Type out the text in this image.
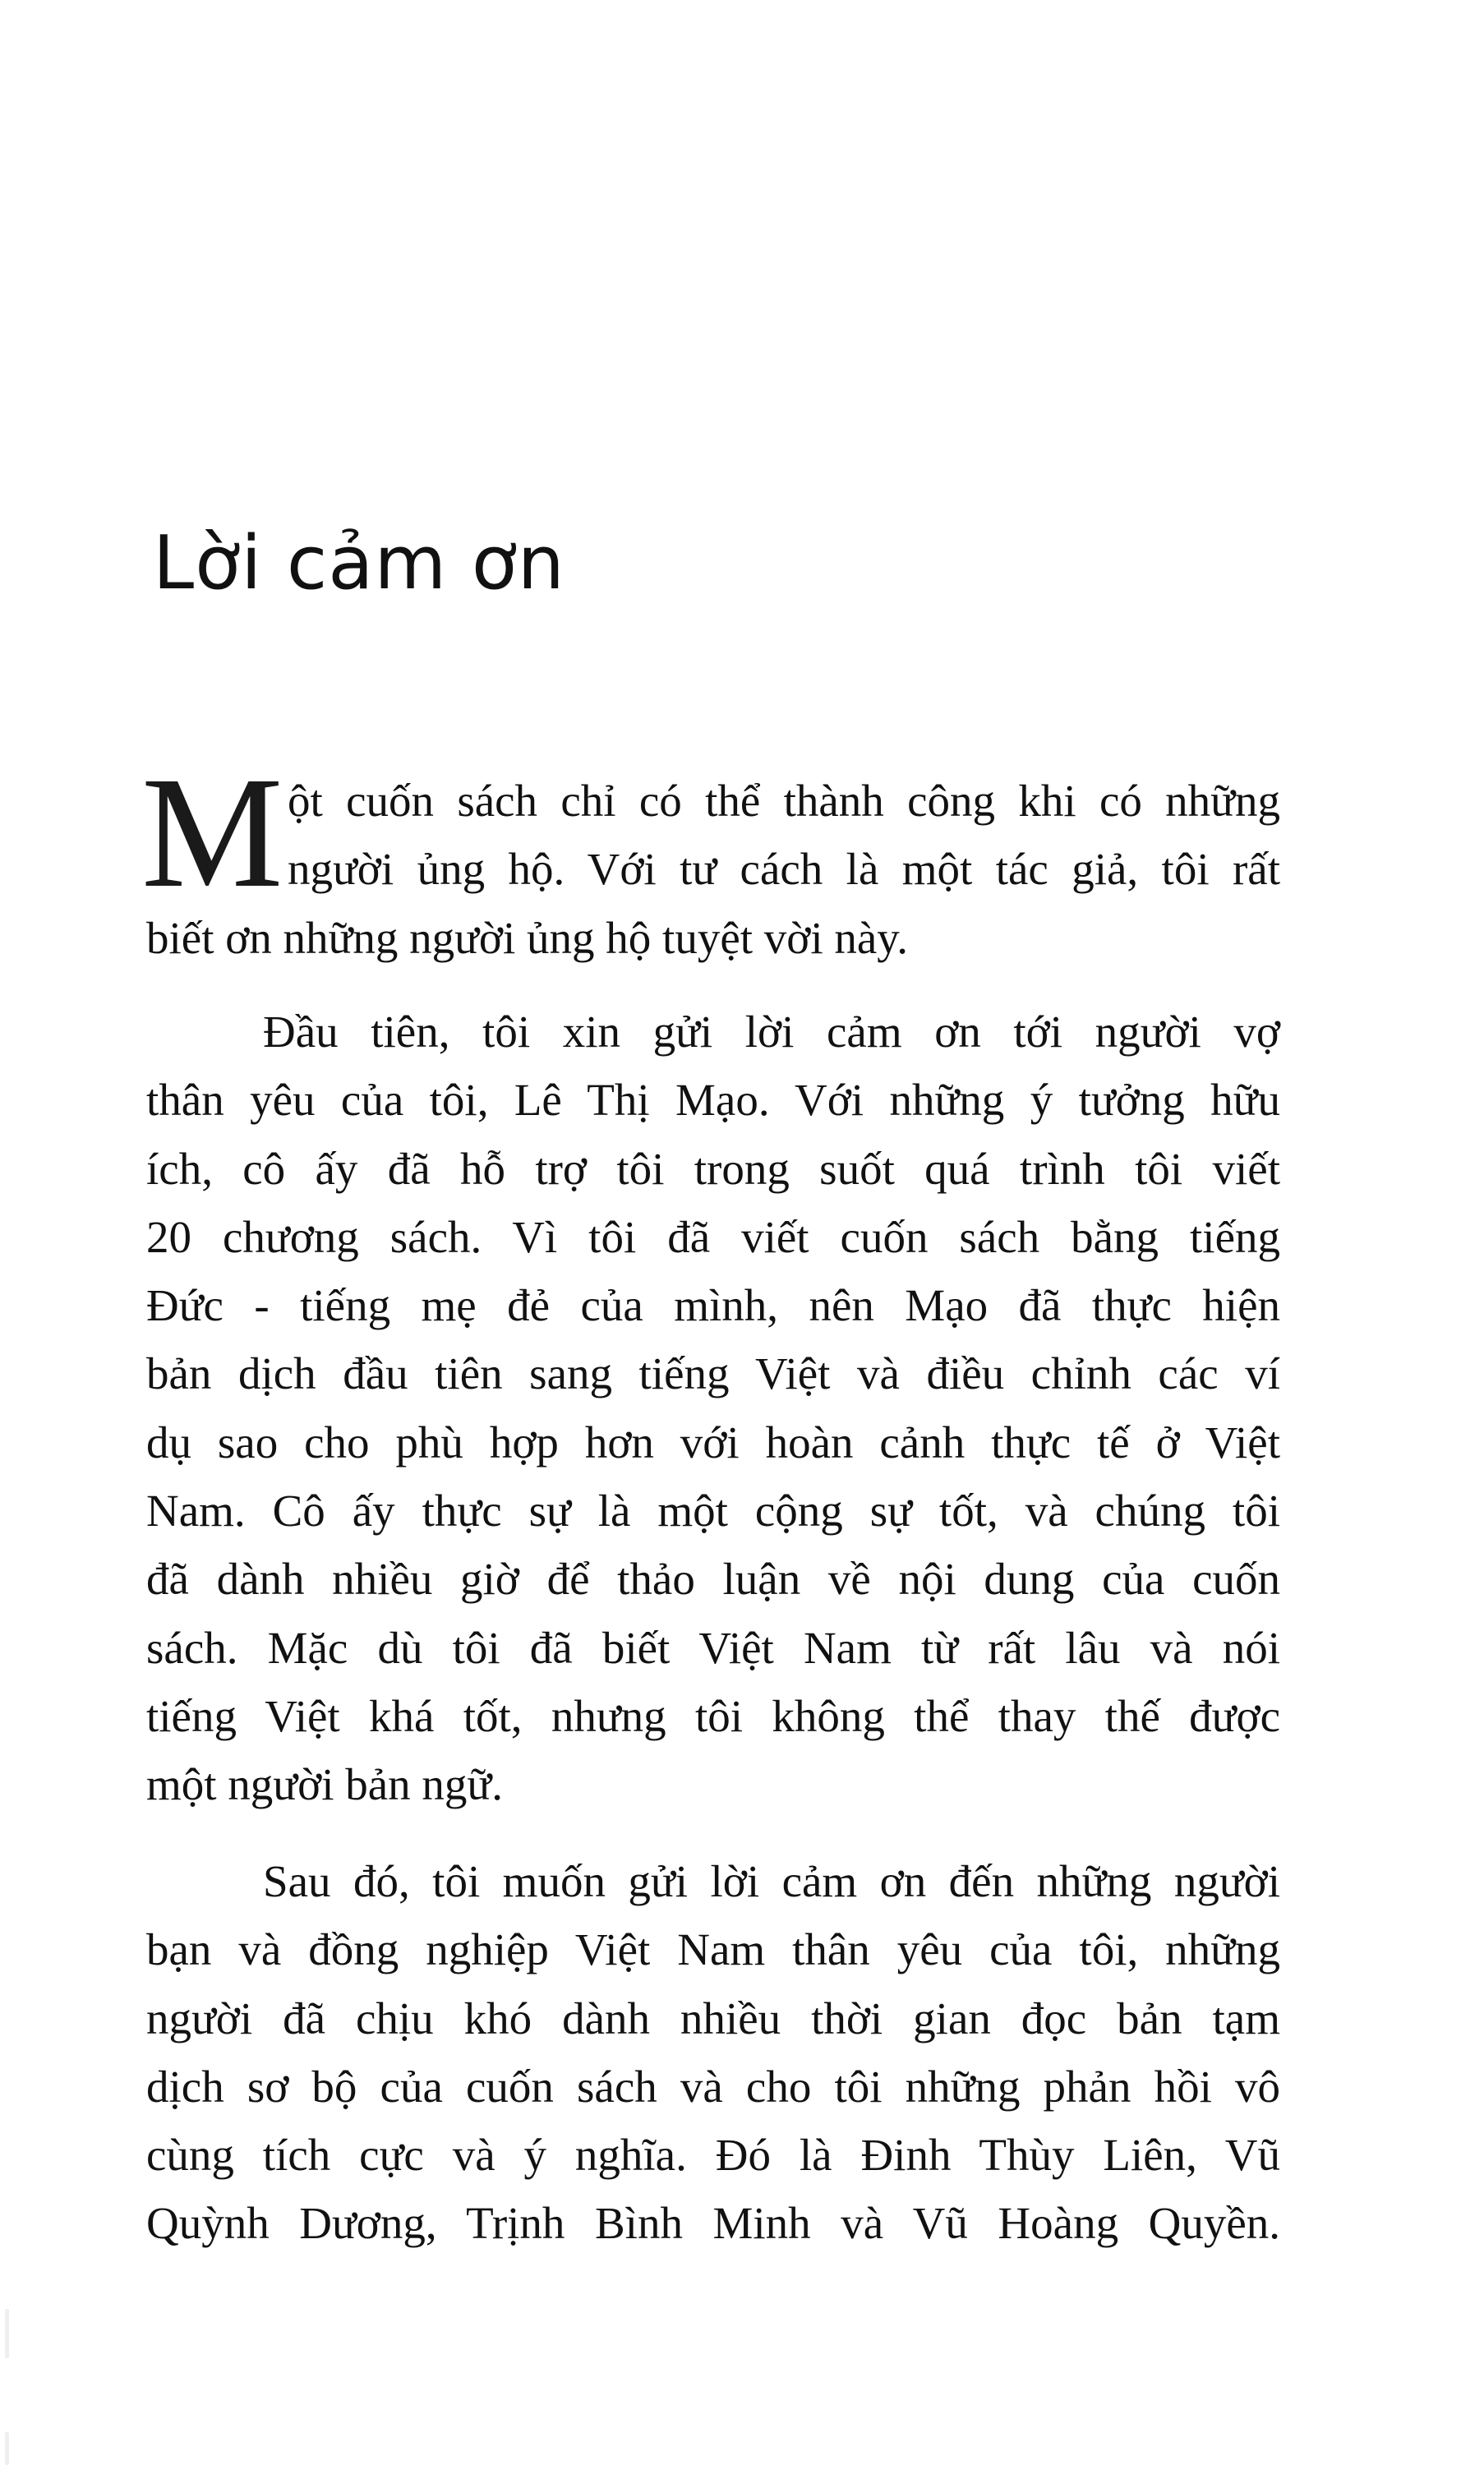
Lời cảm ơn
M ột cuốn sách chỉ có thể thành công khi có những
người ủng hộ. Với tư cách là một tác giả, tôi rất
biết ơn những người ủng hộ tuyệt vời này.
Đầu tiên, tôi xin gửi lời cảm ơn tới người vợ
thân yêu của tôi, Lê Thị Mạo. Với những ý tưởng hữu
ích, cô ấy đã hỗ trợ tôi trong suốt quá trình tôi viết
20 chương sách. Vì tôi đã viết cuốn sách bằng tiếng
Đức - tiếng mẹ đẻ của mình, nên Mạo đã thực hiện
bản dịch đầu tiên sang tiếng Việt và điều chỉnh các ví
dụ sao cho phù hợp hơn với hoàn cảnh thực tế ở Việt
Nam. Cô ấy thực sự là một cộng sự tốt, và chúng tôi
đã dành nhiều giờ để thảo luận về nội dung của cuốn
sách. Mặc dù tôi đã biết Việt Nam từ rất lâu và nói
tiếng Việt khá tốt, nhưng tôi không thể thay thế được
một người bản ngữ.
Sau đó, tôi muốn gửi lời cảm ơn đến những người
bạn và đồng nghiệp Việt Nam thân yêu của tôi, những
người đã chịu khó dành nhiều thời gian đọc bản tạm
dịch sơ bộ của cuốn sách và cho tôi những phản hồi vô
cùng tích cực và ý nghĩa. Đó là Đinh Thùy Liên, Vũ
Quỳnh Dương, Trịnh Bình Minh và Vũ Hoàng Quyền.
